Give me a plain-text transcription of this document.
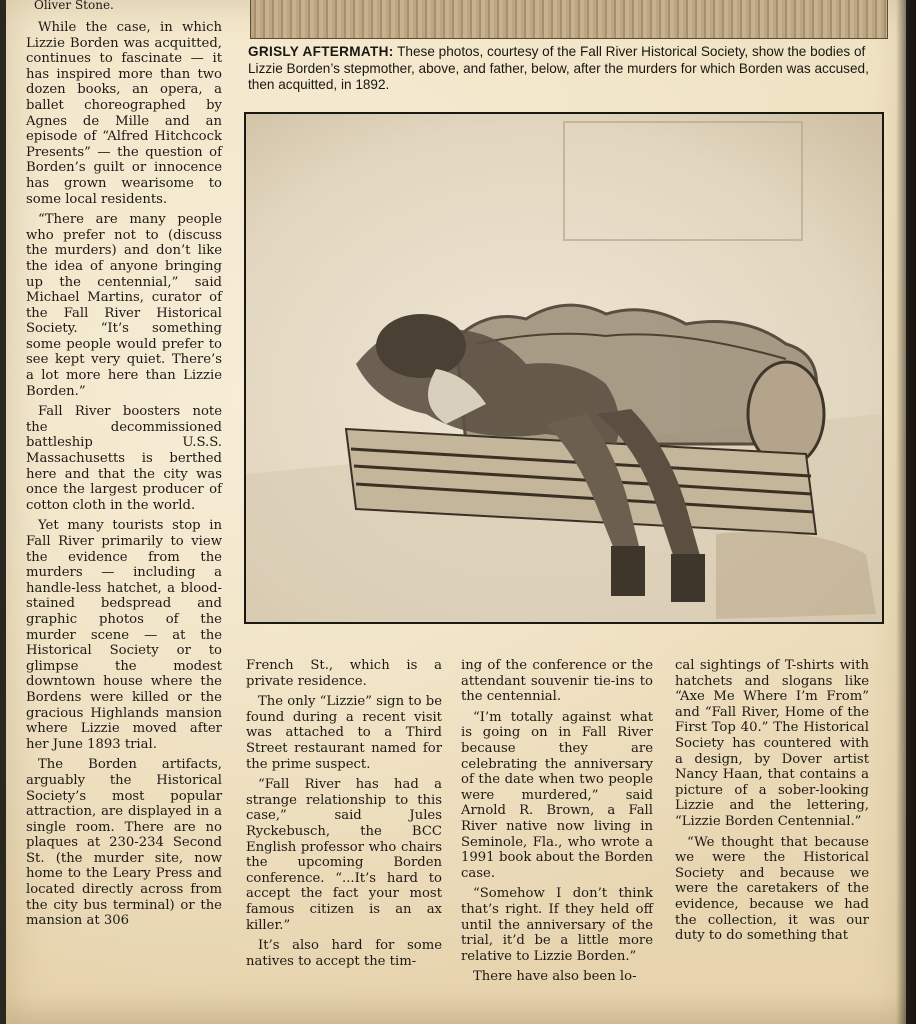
Oliver Stone.

While the case, in which Lizzie Borden was acquitted, continues to fascinate — it has inspired more than two dozen books, an opera, a ballet choreographed by Agnes de Mille and an episode of “Alfred Hitchcock Presents” — the question of Borden’s guilt or innocence has grown wearisome to some local residents.

“There are many people who prefer not to (discuss the murders) and don’t like the idea of anyone bringing up the centennial,” said Michael Martins, curator of the Fall River Historical Society. “It’s something some people would prefer to see kept very quiet. There’s a lot more here than Lizzie Borden.”

Fall River boosters note the decommissioned battleship U.S.S. Massachusetts is berthed here and that the city was once the largest producer of cotton cloth in the world.

Yet many tourists stop in Fall River primarily to view the evidence from the murders — including a handle-less hatchet, a blood-stained bedspread and graphic photos of the murder scene — at the Historical Society or to glimpse the modest downtown house where the Bordens were killed or the gracious Highlands mansion where Lizzie moved after her June 1893 trial.

The Borden artifacts, arguably the Historical Society’s most popular attraction, are displayed in a single room. There are no plaques at 230-234 Second St. (the murder site, now home to the Leary Press and located directly across from the city bus terminal) or the mansion at 306

GRISLY AFTERMATH: These photos, courtesy of the Fall River Historical Society, show the bodies of Lizzie Borden’s stepmother, above, and father, below, after the murders for which Borden was accused, then acquitted, in 1892.

French St., which is a private residence.

The only “Lizzie” sign to be found during a recent visit was attached to a Third Street restaurant named for the prime suspect.

“Fall River has had a strange relationship to this case,” said Jules Ryckebusch, the BCC English professor who chairs the upcoming Borden conference. “...It’s hard to accept the fact your most famous citizen is an ax killer.”

It’s also hard for some natives to accept the tim-

ing of the conference or the attendant souvenir tie-ins to the centennial.

“I’m totally against what is going on in Fall River because they are celebrating the anniversary of the date when two people were murdered,” said Arnold R. Brown, a Fall River native now living in Seminole, Fla., who wrote a 1991 book about the Borden case.

“Somehow I don’t think that’s right. If they held off until the anniversary of the trial, it’d be a little more relative to Lizzie Borden.”

There have also been lo-

cal sightings of T-shirts with hatchets and slogans like “Axe Me Where I’m From” and “Fall River, Home of the First Top 40.” The Historical Society has countered with a design, by Dover artist Nancy Haan, that contains a picture of a sober-looking Lizzie and the lettering, “Lizzie Borden Centennial.”

“We thought that because we were the Historical Society and because we were the caretakers of the evidence, because we had the collection, it was our duty to do something that
